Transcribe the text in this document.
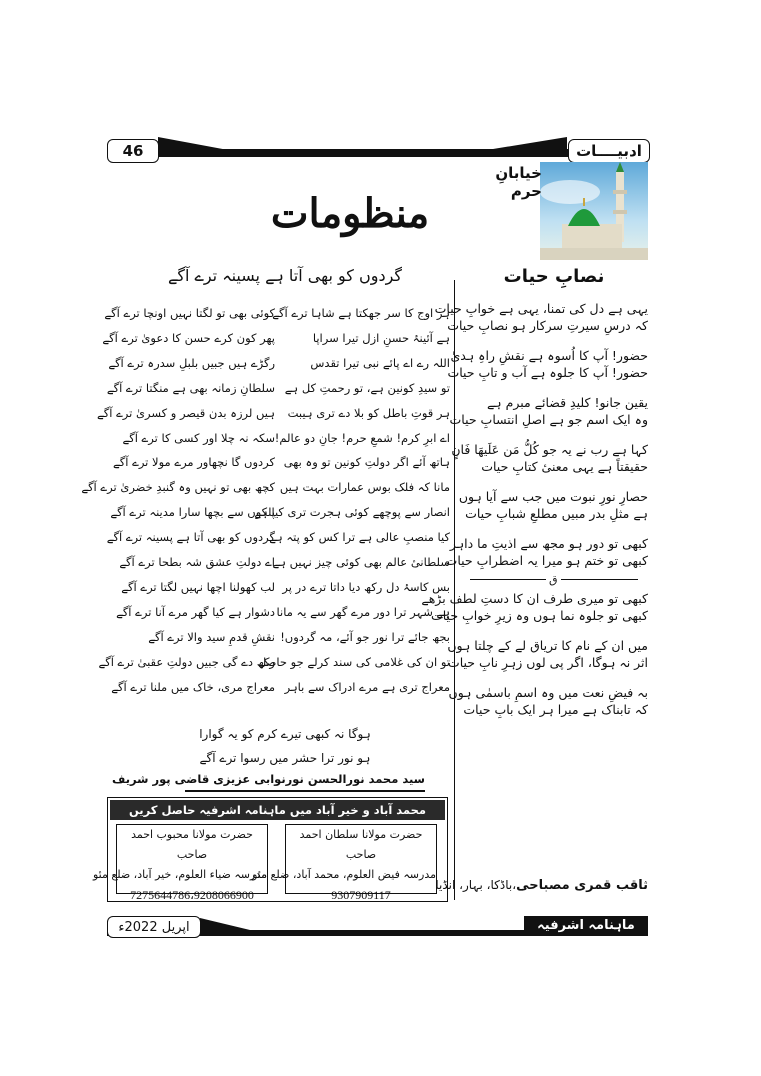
46	ادبیــــات
خیابانِ حرم
منظومات
نصابِ حیات

یہی ہے دل کی تمنا، یہی ہے خوابِ حیات
کہ درسِ سیرتِ سرکار ہو نصابِ حیات

حضور! آپ کا اُسوہ ہے نقشِ راہِ ہدیٰ
حضور! آپ کا جلوہ ہے آب و تابِ حیات

یقین جانو! کلیدِ قضائے مبرم ہے
وہ ایک اسم جو ہے اصلِ انتسابِ حیات

کہا ہے رب نے یہ جو کُلُّ مَن عَلَیهَا فَانٍ
حقیقتاً ہے یہی معنیٔ کتابِ حیات

حصارِ نورِ نبوت میں جب سے آیا ہوں
ہے مثلِ بدر مبیں مطلعِ شبابِ حیات

کبھی تو دور ہو مجھ سے اذیتِ ما داہر
کبھی تو ختم ہو میرا یہ اضطرابِ حیات

ق

کبھی تو میری طرف ان کا دستِ لطف بڑھے
کبھی تو جلوہ نما ہوں وہ زیرِ خوابِ حیات

میں ان کے نام کا تریاق لے کے چلتا ہوں
اثر نہ ہوگا، اگر پی لوں زہرِ نابِ حیات

بہ فیضِ نعت میں وہ اسمِ باسمٰی ہوں
کہ تابناک ہے میرا ہر ایک بابِ حیات

ثاقب قمری مصباحی،باڈکا، بہار، انڈیا
گردوں کو بھی آتا ہے پسینہ ترے آگے
ہر اوج کا سر جھکتا ہے شاہا ترے آگے
کوئی بھی تو لگتا نہیں اونچا ترے آگے
ہے آئینۂ حسنِ ازل تیرا سراپا
پھر کون کرے حسن کا دعویٰ ترے آگے
اللہ رے اے پائے نبی تیرا تقدس
رگڑے ہیں جبیں بلبلِ سدرہ ترے آگے
تو سیدِ کونین ہے، تو رحمتِ کل ہے
سلطانِ زمانہ بھی ہے منگتا ترے آگے
ہر قوتِ باطل کو بلا دے تری ہیبت
ہیں لرزہ بدن قیصر و کسریٰ ترے آگے
اے ابرِ کرم! شمعِ حرم! جانِ دو عالم!
سکہ نہ چلا اور کسی کا ترے آگے
ہاتھ آئے اگر دولتِ کونین تو وہ بھی
کردوں گا نچھاور مرے مولا ترے آگے
مانا کہ فلک بوس عمارات بہت ہیں
کچھ بھی تو نہیں وہ گنبدِ خضریٰ ترے آگے
انصار سے پوچھے کوئی ہجرت تری کیا ہے
پلکوں سے بچھا سارا مدینہ ترے آگے
کیا منصبِ عالی ہے ترا کس کو پتہ ہے
گردوں کو بھی آتا ہے پسینہ ترے آگے
سلطانیٔ عالم بھی کوئی چیز نہیں ہے
اے دولتِ عشق شہ بطحا ترے آگے
بس کاسۂ دل رکھ دیا داتا ترے در پر
لب کھولنا اچھا نہیں لگتا ترے آگے
ہے شہر ترا دور مرے گھر سے یہ مانا
دشوار ہے کیا گھر مرے آنا ترے آگے
بجھ جائے ترا نور جو آئے، مہ گردوں!
نقشِ قدمِ سید والا ترے آگے
تو ان کی غلامی کی سند کرلے جو حاصل
رکھ دے گی جبیں دولتِ عقبیٰ ترے آگے
معراج تری ہے مرے ادراک سے باہر
معراج مری، خاک میں ملنا ترے آگے
ہوگا نہ کبھی تیرے کرم کو یہ گوارا
ہو نور ترا حشر میں رسوا ترے آگے
سید محمد نورالحسن نورنوابی عزیزی قاضی پور شریف
محمد آباد و خیر آباد میں ماہنامہ اشرفیہ حاصل کریں
حضرت مولانا محبوب احمد صاحب
مدرسہ ضیاء العلوم، خیر آباد، ضلع مئو
7275644786،9208066900
حضرت مولانا سلطان احمد صاحب
مدرسہ فیض العلوم، محمد آباد، ضلع مئو
9307909117
ماہنامہ اشرفیہ
اپریل 2022ء
